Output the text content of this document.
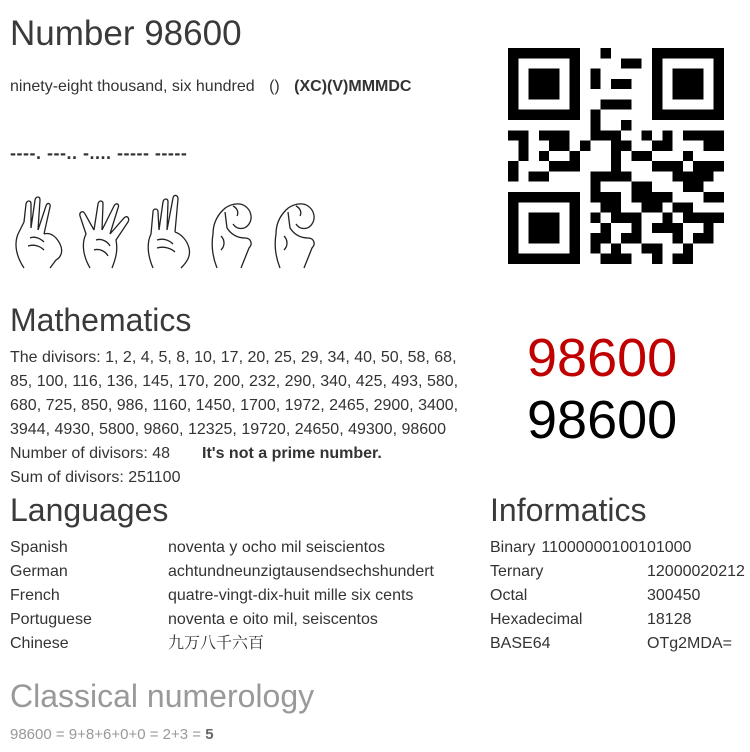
Number 98600
ninety-eight thousand, six hundred () (XC)(V)MMMDC
----. ---.. -.... ----- -----

Mathematics
The divisors: 1, 2, 4, 5, 8, 10, 17, 20, 25, 29, 34, 40, 50, 58, 68, 85, 100, 116, 136, 145, 170, 200, 232, 290, 340, 425, 493, 580, 680, 725, 850, 986, 1160, 1450, 1700, 1972, 2465, 2900, 3400, 3944, 4930, 5800, 9860, 12325, 19720, 24650, 49300, 98600
Number of divisors: 48 It's not a prime number.
Sum of divisors: 251100
98600
98600
Languages
Spanish	noventa y ocho mil seiscientos
German	achtundneunzigtausendsechshundert
French	quatre-vingt-dix-huit mille six cents
Portuguese	noventa e oito mil, seiscentos
Chinese	九万八千六百
Informatics
Binary 11000000100101000
Ternary	12000020212
Octal	300450
Hexadecimal	18128
BASE64	OTg2MDA=
Classical numerology
98600 = 9+8+6+0+0 = 2+3 = 5
